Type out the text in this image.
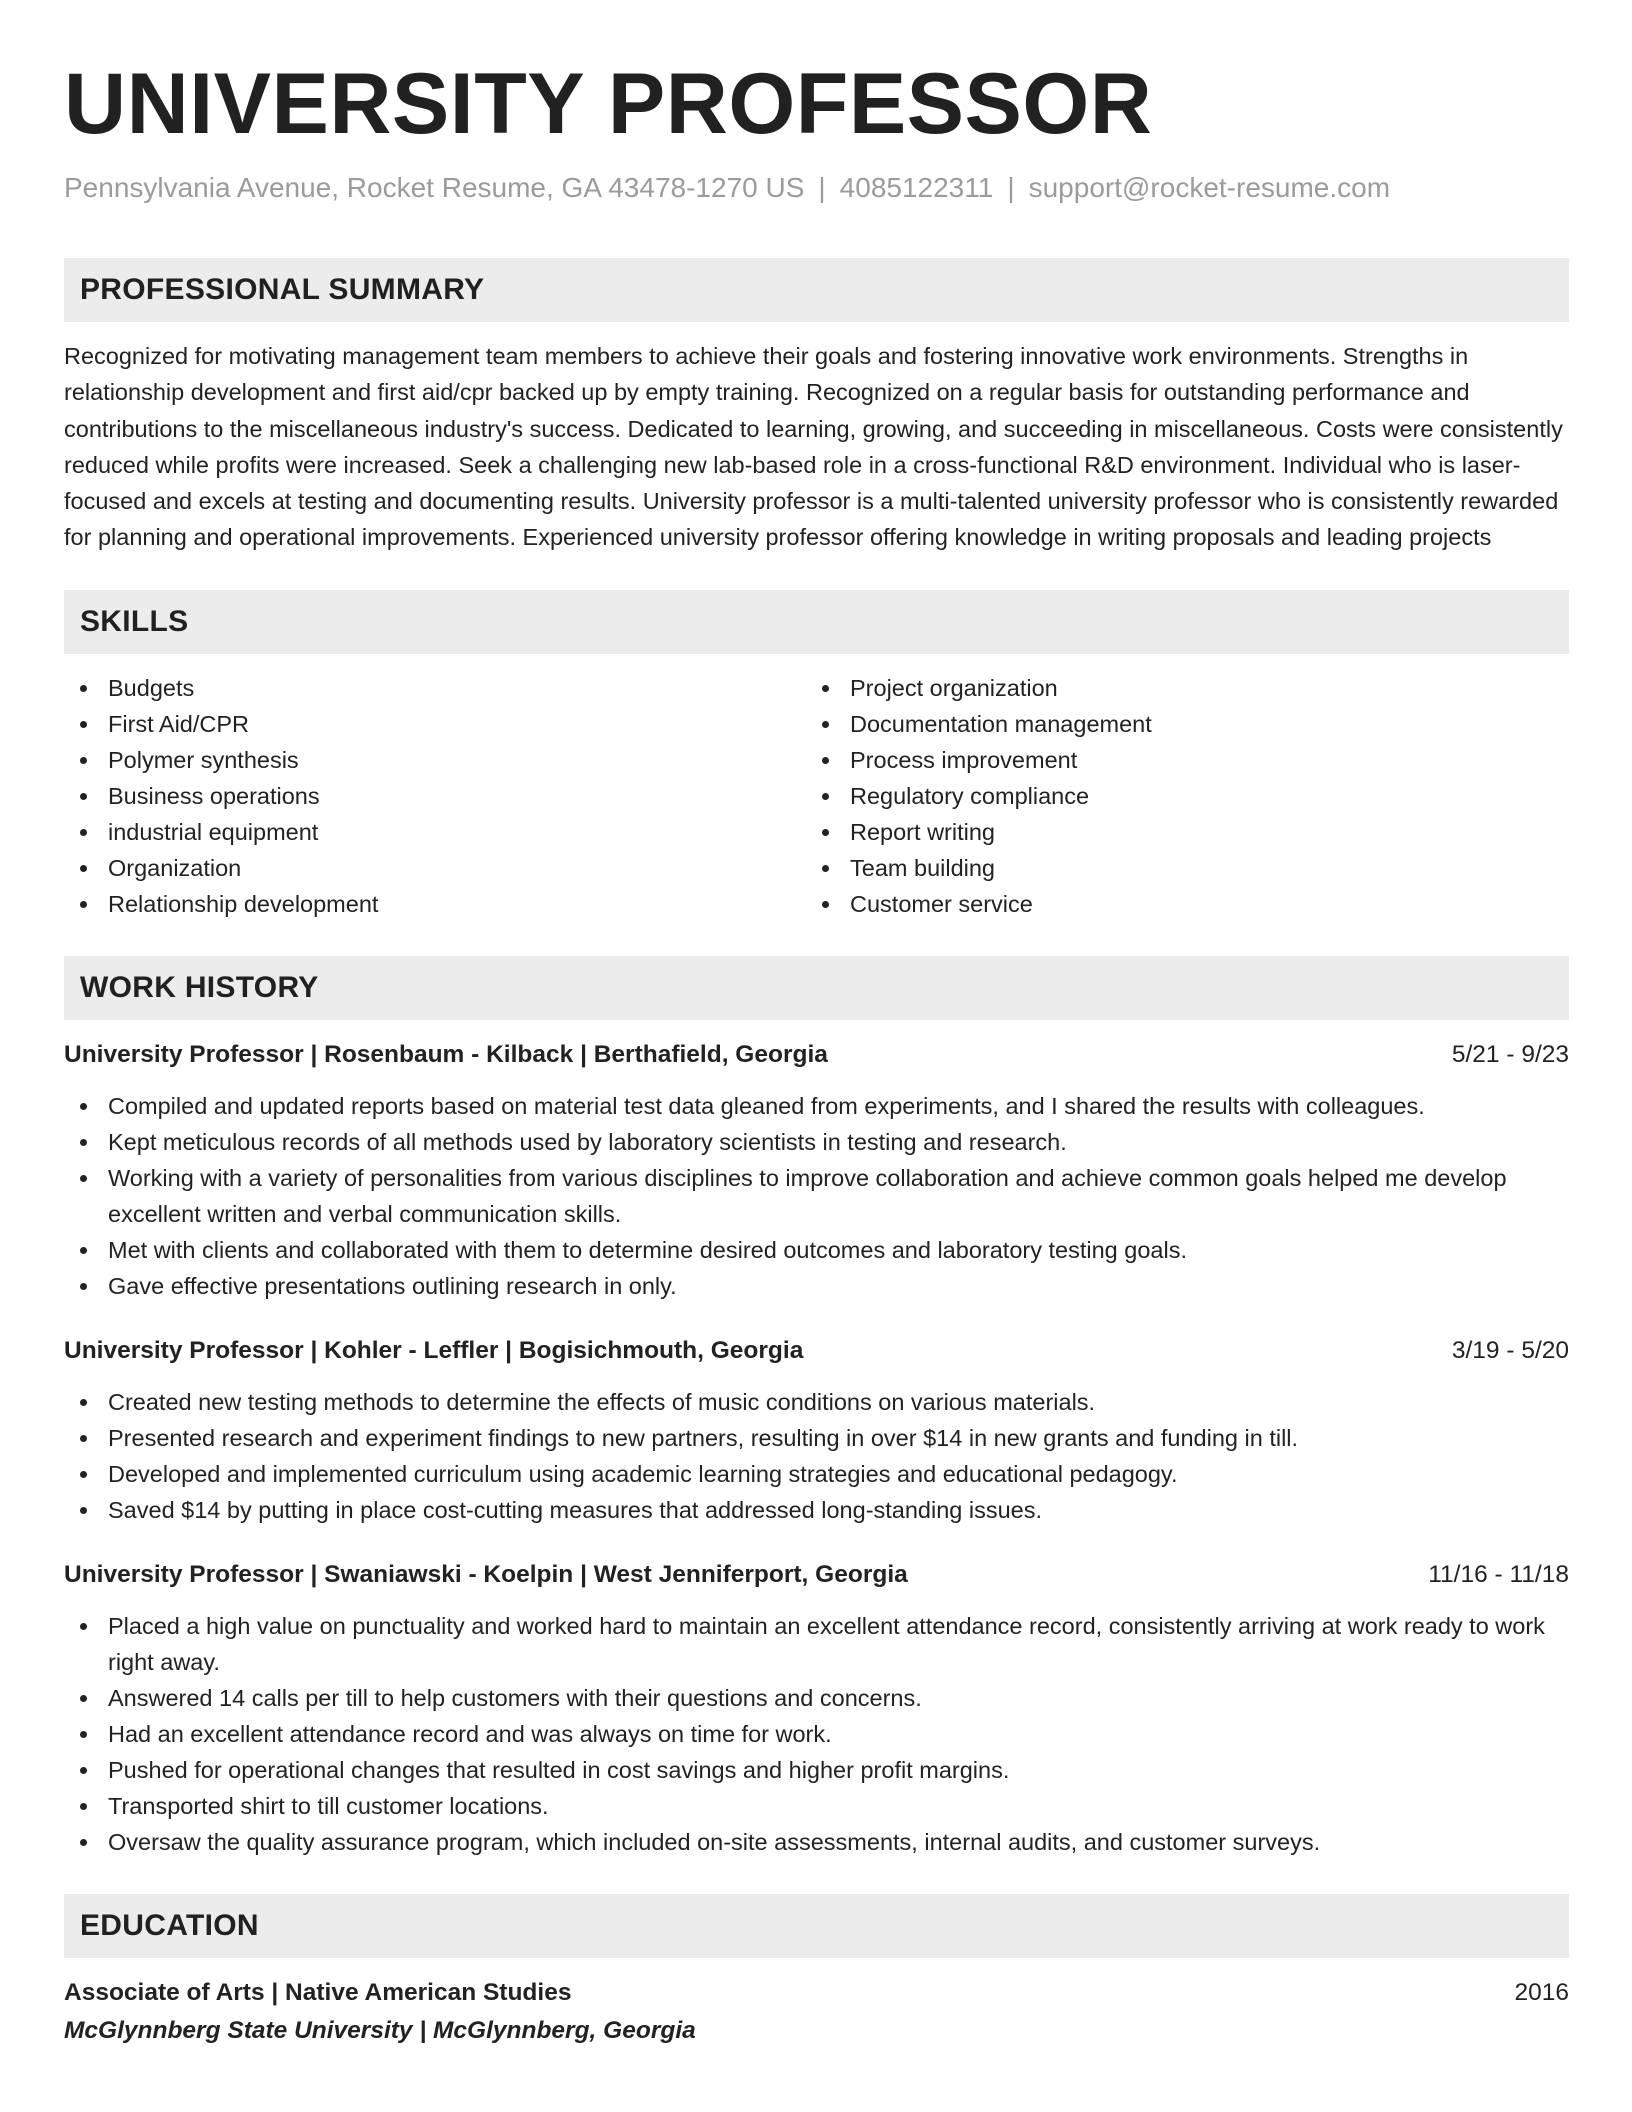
UNIVERSITY PROFESSOR
Pennsylvania Avenue, Rocket Resume, GA 43478-1270 US | 4085122311 | support@rocket-resume.com
PROFESSIONAL SUMMARY
Recognized for motivating management team members to achieve their goals and fostering innovative work environments. Strengths in relationship development and first aid/cpr backed up by empty training. Recognized on a regular basis for outstanding performance and contributions to the miscellaneous industry's success. Dedicated to learning, growing, and succeeding in miscellaneous. Costs were consistently reduced while profits were increased. Seek a challenging new lab-based role in a cross-functional R&D environment. Individual who is laser-focused and excels at testing and documenting results. University professor is a multi-talented university professor who is consistently rewarded for planning and operational improvements. Experienced university professor offering knowledge in writing proposals and leading projects
SKILLS
Budgets
First Aid/CPR
Polymer synthesis
Business operations
industrial equipment
Organization
Relationship development
Project organization
Documentation management
Process improvement
Regulatory compliance
Report writing
Team building
Customer service
WORK HISTORY
University Professor | Rosenbaum - Kilback | Berthafield, Georgia	5/21 - 9/23
Compiled and updated reports based on material test data gleaned from experiments, and I shared the results with colleagues.
Kept meticulous records of all methods used by laboratory scientists in testing and research.
Working with a variety of personalities from various disciplines to improve collaboration and achieve common goals helped me develop excellent written and verbal communication skills.
Met with clients and collaborated with them to determine desired outcomes and laboratory testing goals.
Gave effective presentations outlining research in only.
University Professor | Kohler - Leffler | Bogisichmouth, Georgia	3/19 - 5/20
Created new testing methods to determine the effects of music conditions on various materials.
Presented research and experiment findings to new partners, resulting in over $14 in new grants and funding in till.
Developed and implemented curriculum using academic learning strategies and educational pedagogy.
Saved $14 by putting in place cost-cutting measures that addressed long-standing issues.
University Professor | Swaniawski - Koelpin | West Jenniferport, Georgia	11/16 - 11/18
Placed a high value on punctuality and worked hard to maintain an excellent attendance record, consistently arriving at work ready to work right away.
Answered 14 calls per till to help customers with their questions and concerns.
Had an excellent attendance record and was always on time for work.
Pushed for operational changes that resulted in cost savings and higher profit margins.
Transported shirt to till customer locations.
Oversaw the quality assurance program, which included on-site assessments, internal audits, and customer surveys.
EDUCATION
Associate of Arts | Native American Studies	2016
McGlynnberg State University | McGlynnberg, Georgia
